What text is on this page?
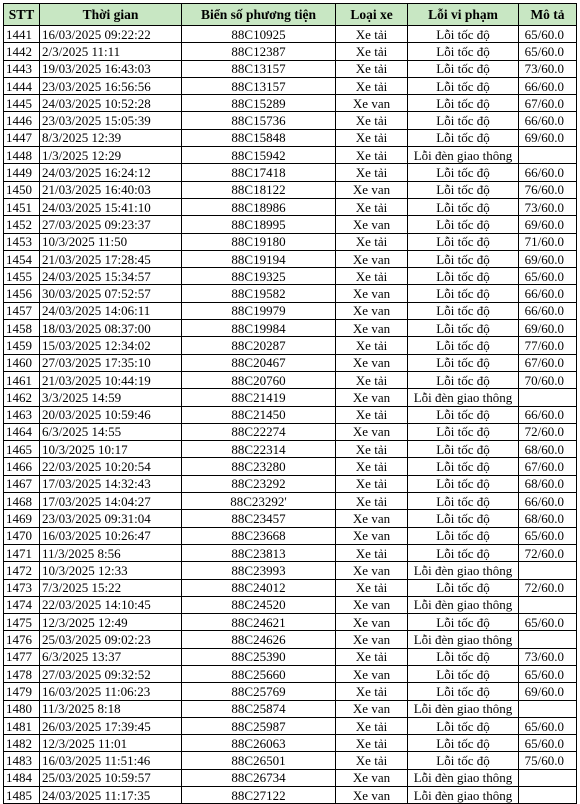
STT	Thời gian	Biển số phương tiện	Loại xe	Lỗi vi phạm	Mô tả
1441	16/03/2025 09:22:22	88C10925	Xe tải	Lỗi tốc độ	65/60.0
1442	2/3/2025 11:11	88C12387	Xe tải	Lỗi tốc độ	65/60.0
1443	19/03/2025 16:43:03	88C13157	Xe tải	Lỗi tốc độ	73/60.0
1444	23/03/2025 16:56:56	88C13157	Xe tải	Lỗi tốc độ	66/60.0
1445	24/03/2025 10:52:28	88C15289	Xe van	Lỗi tốc độ	67/60.0
1446	23/03/2025 15:05:39	88C15736	Xe tải	Lỗi tốc độ	66/60.0
1447	8/3/2025 12:39	88C15848	Xe tải	Lỗi tốc độ	69/60.0
1448	1/3/2025 12:29	88C15942	Xe tải	Lỗi đèn giao thông	
1449	24/03/2025 16:24:12	88C17418	Xe tải	Lỗi tốc độ	66/60.0
1450	21/03/2025 16:40:03	88C18122	Xe van	Lỗi tốc độ	76/60.0
1451	24/03/2025 15:41:10	88C18986	Xe tải	Lỗi tốc độ	73/60.0
1452	27/03/2025 09:23:37	88C18995	Xe van	Lỗi tốc độ	69/60.0
1453	10/3/2025 11:50	88C19180	Xe tải	Lỗi tốc độ	71/60.0
1454	21/03/2025 17:28:45	88C19194	Xe van	Lỗi tốc độ	69/60.0
1455	24/03/2025 15:34:57	88C19325	Xe tải	Lỗi tốc độ	65/60.0
1456	30/03/2025 07:52:57	88C19582	Xe van	Lỗi tốc độ	66/60.0
1457	24/03/2025 14:06:11	88C19979	Xe van	Lỗi tốc độ	66/60.0
1458	18/03/2025 08:37:00	88C19984	Xe van	Lỗi tốc độ	69/60.0
1459	15/03/2025 12:34:02	88C20287	Xe tải	Lỗi tốc độ	77/60.0
1460	27/03/2025 17:35:10	88C20467	Xe van	Lỗi tốc độ	67/60.0
1461	21/03/2025 10:44:19	88C20760	Xe tải	Lỗi tốc độ	70/60.0
1462	3/3/2025 14:59	88C21419	Xe van	Lỗi đèn giao thông	
1463	20/03/2025 10:59:46	88C21450	Xe tải	Lỗi tốc độ	66/60.0
1464	6/3/2025 14:55	88C22274	Xe van	Lỗi tốc độ	72/60.0
1465	10/3/2025 10:17	88C22314	Xe tải	Lỗi tốc độ	68/60.0
1466	22/03/2025 10:20:54	88C23280	Xe tải	Lỗi tốc độ	67/60.0
1467	17/03/2025 14:32:43	88C23292	Xe tải	Lỗi tốc độ	68/60.0
1468	17/03/2025 14:04:27	88C23292'	Xe tải	Lỗi tốc độ	66/60.0
1469	23/03/2025 09:31:04	88C23457	Xe van	Lỗi tốc độ	68/60.0
1470	16/03/2025 10:26:47	88C23668	Xe van	Lỗi tốc độ	65/60.0
1471	11/3/2025 8:56	88C23813	Xe tải	Lỗi tốc độ	72/60.0
1472	10/3/2025 12:33	88C23993	Xe van	Lỗi đèn giao thông	
1473	7/3/2025 15:22	88C24012	Xe tải	Lỗi tốc độ	72/60.0
1474	22/03/2025 14:10:45	88C24520	Xe van	Lỗi đèn giao thông	
1475	12/3/2025 12:49	88C24621	Xe van	Lỗi tốc độ	65/60.0
1476	25/03/2025 09:02:23	88C24626	Xe van	Lỗi đèn giao thông	
1477	6/3/2025 13:37	88C25390	Xe tải	Lỗi tốc độ	73/60.0
1478	27/03/2025 09:32:52	88C25660	Xe van	Lỗi tốc độ	65/60.0
1479	16/03/2025 11:06:23	88C25769	Xe tải	Lỗi tốc độ	69/60.0
1480	11/3/2025 8:18	88C25874	Xe van	Lỗi đèn giao thông	
1481	26/03/2025 17:39:45	88C25987	Xe tải	Lỗi tốc độ	65/60.0
1482	12/3/2025 11:01	88C26063	Xe tải	Lỗi tốc độ	65/60.0
1483	16/03/2025 11:51:46	88C26501	Xe tải	Lỗi tốc độ	75/60.0
1484	25/03/2025 10:59:57	88C26734	Xe van	Lỗi đèn giao thông	
1485	24/03/2025 11:17:35	88C27122	Xe van	Lỗi đèn giao thông	
